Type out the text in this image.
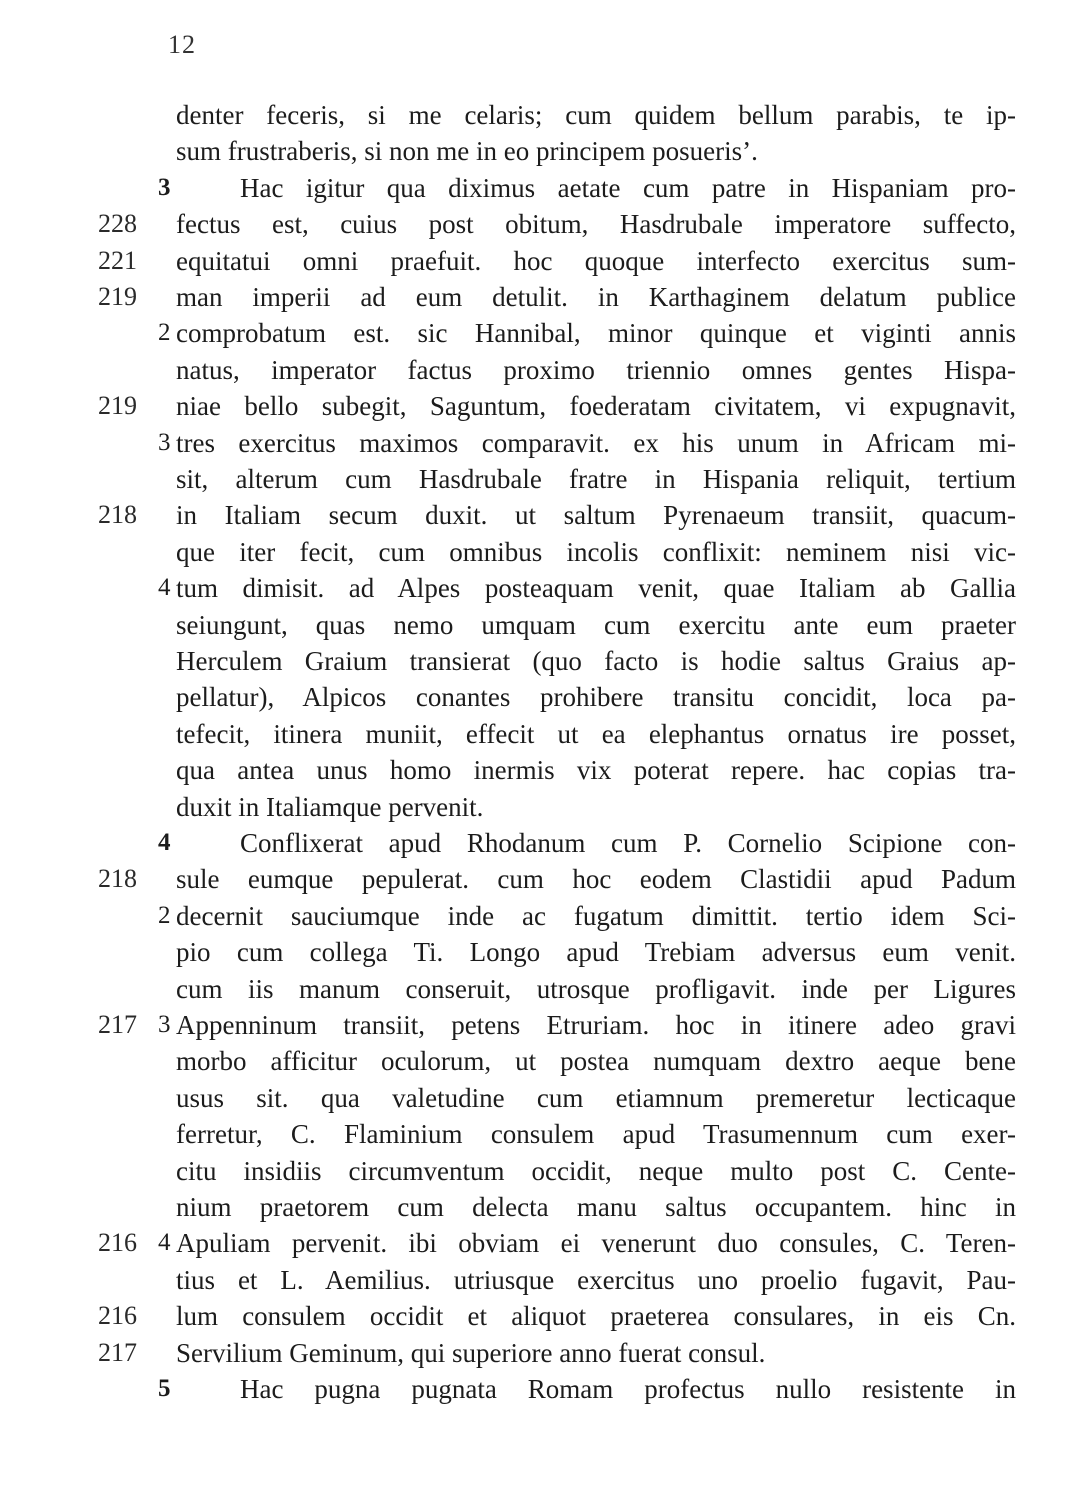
12
denter feceris, si me celaris; cum quidem bellum parabis, te ip-
sum frustraberis, si non me in eo principem posueris’.
3	Hac igitur qua diximus aetate cum patre in Hispaniam pro-
228	fectus est, cuius post obitum, Hasdrubale imperatore suffecto,
221	equitatui omni praefuit. hoc quoque interfecto exercitus sum-
219	man imperii ad eum detulit. in Karthaginem delatum publice
2 comprobatum est. sic Hannibal, minor quinque et viginti annis
natus, imperator factus proximo triennio omnes gentes Hispa-
219	niae bello subegit, Saguntum, foederatam civitatem, vi expugnavit,
3 tres exercitus maximos comparavit. ex his unum in Africam mi-
sit, alterum cum Hasdrubale fratre in Hispania reliquit, tertium
218	in Italiam secum duxit. ut saltum Pyrenaeum transiit, quacum-
que iter fecit, cum omnibus incolis conflixit: neminem nisi vic-
4 tum dimisit. ad Alpes posteaquam venit, quae Italiam ab Gallia
seiungunt, quas nemo umquam cum exercitu ante eum praeter
Herculem Graium transierat (quo facto is hodie saltus Graius ap-
pellatur), Alpicos conantes prohibere transitu concidit, loca pa-
tefecit, itinera muniit, effecit ut ea elephantus ornatus ire posset,
qua antea unus homo inermis vix poterat repere. hac copias tra-
duxit in Italiamque pervenit.
4	Conflixerat apud Rhodanum cum P. Cornelio Scipione con-
218	sule eumque pepulerat. cum hoc eodem Clastidii apud Padum
2 decernit sauciumque inde ac fugatum dimittit. tertio idem Sci-
pio cum collega Ti. Longo apud Trebiam adversus eum venit.
cum iis manum conseruit, utrosque profligavit. inde per Ligures
217 3 Appenninum transiit, petens Etruriam. hoc in itinere adeo gravi
morbo afficitur oculorum, ut postea numquam dextro aeque bene
usus sit. qua valetudine cum etiamnum premeretur lecticaque
ferretur, C. Flaminium consulem apud Trasumennum cum exer-
citu insidiis circumventum occidit, neque multo post C. Cente-
nium praetorem cum delecta manu saltus occupantem. hinc in
216 4 Apuliam pervenit. ibi obviam ei venerunt duo consules, C. Teren-
tius et L. Aemilius. utriusque exercitus uno proelio fugavit, Pau-
216	lum consulem occidit et aliquot praeterea consulares, in eis Cn.
217	Servilium Geminum, qui superiore anno fuerat consul.
5	Hac pugna pugnata Romam profectus nullo resistente in
